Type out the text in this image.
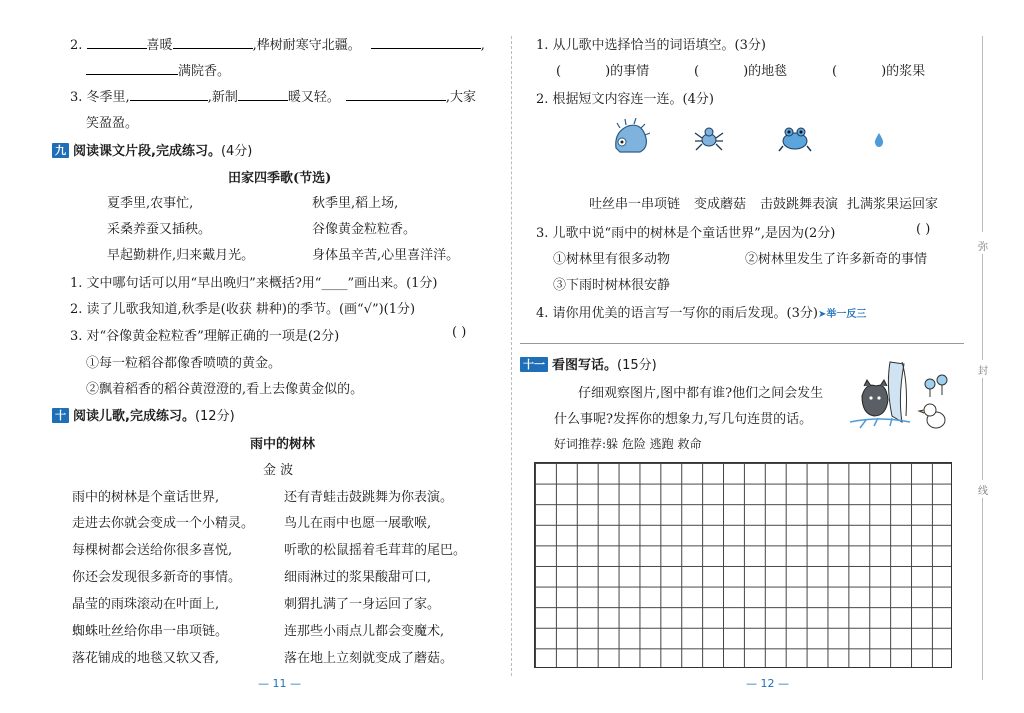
2.	喜暖	,桦树耐寒守北疆。	,
满院香。
3. 冬季里,	,新制	暖又轻。	,大家
笑盈盈。
九 阅读课文片段,完成练习。(4分)
田家四季歌(节选)
夏季里,农事忙,	秋季里,稻上场,
采桑养蚕又插秧。	谷像黄金粒粒香。
早起勤耕作,归来戴月光。	身体虽辛苦,心里喜洋洋。
1. 文中哪句话可以用“早出晚归”来概括?用“____”画出来。(1分)
2. 读了儿歌我知道,秋季是(收获 耕种)的季节。(画“√”)(1分)
3. 对“谷像黄金粒粒香”理解正确的一项是(2分)	( )
①每一粒稻谷都像香喷喷的黄金。
②飘着稻香的稻谷黄澄澄的,看上去像黄金似的。
十 阅读儿歌,完成练习。(12分)
雨中的树林
金 波
雨中的树林是个童话世界,	还有青蛙击鼓跳舞为你表演。
走进去你就会变成一个小精灵。 鸟儿在雨中也愿一展歌喉,
每棵树都会送给你很多喜悦,	听歌的松鼠摇着毛茸茸的尾巴。
你还会发现很多新奇的事情。	细雨淋过的浆果酸甜可口,
晶莹的雨珠滚动在叶面上,	刺猬扎满了一身运回了家。
蜘蛛吐丝给你串一串项链。	连那些小雨点儿都会变魔术,
落花铺成的地毯又软又香,	落在地上立刻就变成了蘑菇。
— 11 —
1. 从儿歌中选择恰当的词语填空。(3分)
(	)的事情	(	)的地毯	(	)的浆果
2. 根据短文内容连一连。(4分)
吐丝串一串项链 变成蘑菇 击鼓跳舞表演 扎满浆果运回家
3. 儿歌中说“雨中的树林是个童话世界”,是因为(2分)	( )
①树林里有很多动物	②树林里发生了许多新奇的事情
③下雨时树林很安静
4. 请你用优美的语言写一写你的雨后发现。(3分)➤举一反三
十一 看图写话。(15分)
仔细观察图片,图中都有谁?他们之间会发生
什么事呢?发挥你的想象力,写几句连贯的话。
好词推荐:躲 危险 逃跑 救命
— 12 —
弥
封
线
